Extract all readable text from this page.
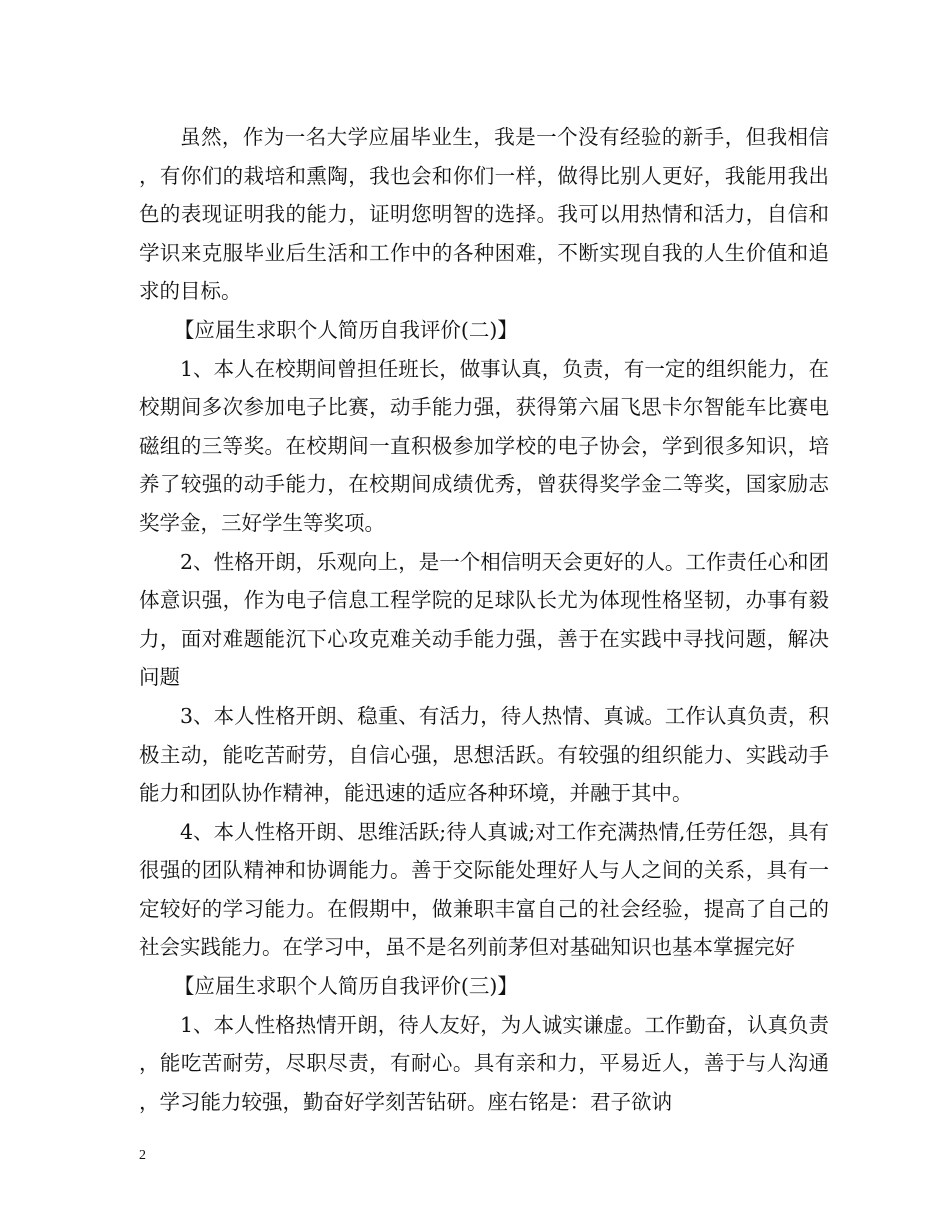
虽然，作为一名大学应届毕业生，我是一个没有经验的新手，但我相信，有你们的栽培和熏陶，我也会和你们一样，做得比别人更好，我能用我出色的表现证明我的能力，证明您明智的选择。我可以用热情和活力，自信和学识来克服毕业后生活和工作中的各种困难，不断实现自我的人生价值和追求的目标。

【应届生求职个人简历自我评价(二)】

1、本人在校期间曾担任班长，做事认真，负责，有一定的组织能力，在校期间多次参加电子比赛，动手能力强，获得第六届飞思卡尔智能车比赛电磁组的三等奖。在校期间一直积极参加学校的电子协会，学到很多知识，培养了较强的动手能力，在校期间成绩优秀，曾获得奖学金二等奖，国家励志奖学金，三好学生等奖项。

2、性格开朗，乐观向上，是一个相信明天会更好的人。工作责任心和团体意识强，作为电子信息工程学院的足球队长尤为体现性格坚韧，办事有毅力，面对难题能沉下心攻克难关动手能力强，善于在实践中寻找问题，解决问题

3、本人性格开朗、稳重、有活力，待人热情、真诚。工作认真负责，积极主动，能吃苦耐劳，自信心强，思想活跃。有较强的组织能力、实践动手能力和团队协作精神，能迅速的适应各种环境，并融于其中。

4、本人性格开朗、思维活跃;待人真诚;对工作充满热情,任劳任怨，具有很强的团队精神和协调能力。善于交际能处理好人与人之间的关系，具有一定较好的学习能力。在假期中，做兼职丰富自己的社会经验，提高了自己的社会实践能力。在学习中，虽不是名列前茅但对基础知识也基本掌握完好

【应届生求职个人简历自我评价(三)】

1、本人性格热情开朗，待人友好，为人诚实谦虚。工作勤奋，认真负责，能吃苦耐劳，尽职尽责，有耐心。具有亲和力，平易近人，善于与人沟通，学习能力较强，勤奋好学刻苦钻研。座右铭是：君子欲讷

2
